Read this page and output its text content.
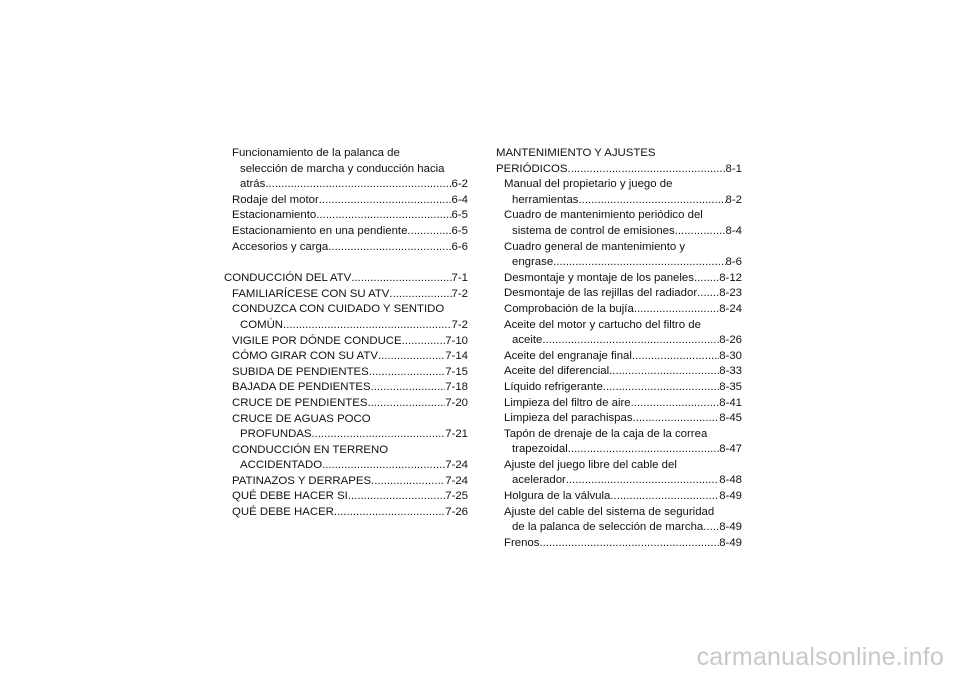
Funcionamiento de la palanca de
selección de marcha y conducción hacia
atrás .....	6-2
Rodaje del motor .....	6-4
Estacionamiento .....	6-5
Estacionamiento en una pendiente .....	6-5
Accesorios y carga .....	6-6
CONDUCCIÓN DEL ATV .....	7-1
FAMILIARÍCESE CON SU ATV .....	7-2
CONDUZCA CON CUIDADO Y SENTIDO
COMÚN .....	7-2
VIGILE POR DÓNDE CONDUCE .....	7-10
CÓMO GIRAR CON SU ATV .....	7-14
SUBIDA DE PENDIENTES .....	7-15
BAJADA DE PENDIENTES .....	7-18
CRUCE DE PENDIENTES .....	7-20
CRUCE DE AGUAS POCO
PROFUNDAS .....	7-21
CONDUCCIÓN EN TERRENO
ACCIDENTADO .....	7-24
PATINAZOS Y DERRAPES .....	7-24
QUÉ DEBE HACER SI .....	7-25
QUÉ DEBE HACER... .....	7-26
MANTENIMIENTO Y AJUSTES
PERIÓDICOS .....	8-1
Manual del propietario y juego de
herramientas .....	8-2
Cuadro de mantenimiento periódico del
sistema de control de emisiones .....	8-4
Cuadro general de mantenimiento y
engrase .....	8-6
Desmontaje y montaje de los paneles ..... 8-12
Desmontaje de las rejillas del radiador ..... 8-23
Comprobación de la bujía .....	8-24
Aceite del motor y cartucho del filtro de
aceite .....	8-26
Aceite del engranaje final .....	8-30
Aceite del diferencial .....	8-33
Líquido refrigerante .....	8-35
Limpieza del filtro de aire .....	8-41
Limpieza del parachispas .....	8-45
Tapón de drenaje de la caja de la correa
trapezoidal .....	8-47
Ajuste del juego libre del cable del
acelerador .....	8-48
Holgura de la válvula .....	8-49
Ajuste del cable del sistema de seguridad
de la palanca de selección de marcha ..... 8-49
Frenos .....	8-49
carmanualsonline.info
